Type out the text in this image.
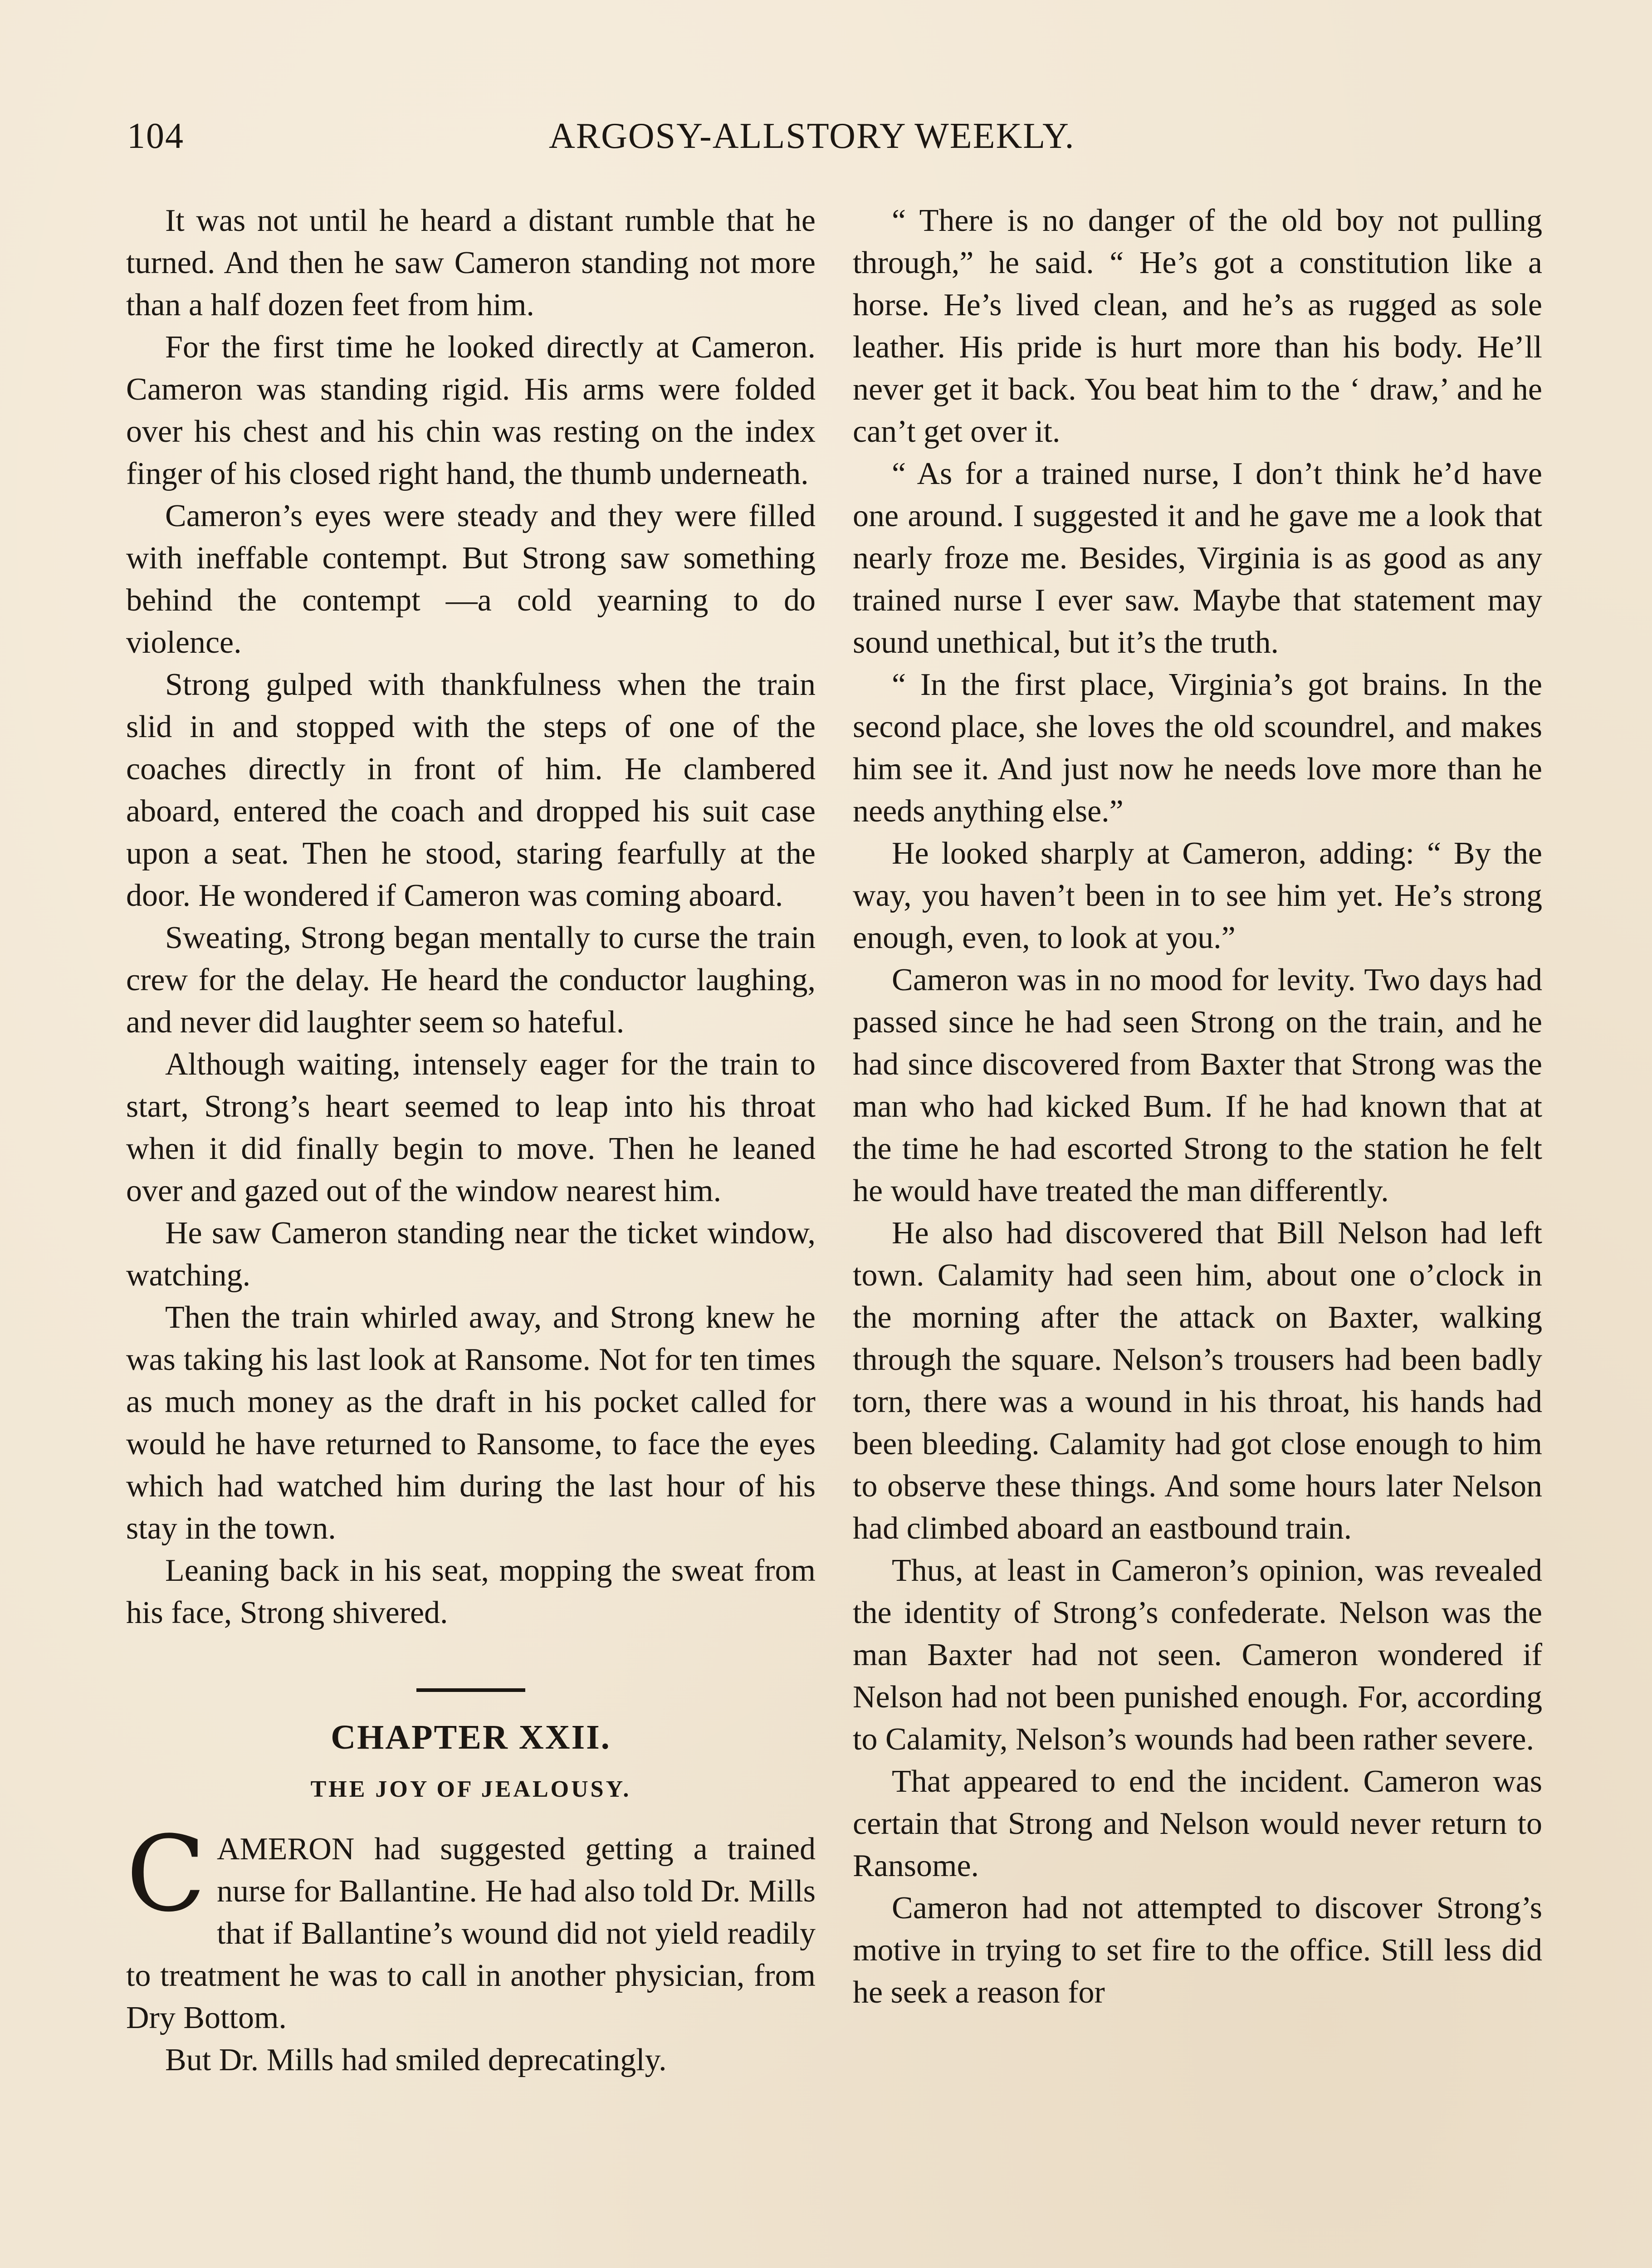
104	ARGOSY-ALLSTORY WEEKLY.

It was not until he heard a distant rumble that he turned. And then he saw Cameron standing not more than a half dozen feet from him.

For the first time he looked directly at Cameron. Cameron was standing rigid. His arms were folded over his chest and his chin was resting on the index finger of his closed right hand, the thumb underneath.

Cameron’s eyes were steady and they were filled with ineffable contempt. But Strong saw something behind the contempt —a cold yearning to do violence.

Strong gulped with thankfulness when the train slid in and stopped with the steps of one of the coaches directly in front of him. He clambered aboard, entered the coach and dropped his suit case upon a seat. Then he stood, staring fearfully at the door. He wondered if Cameron was coming aboard.

Sweating, Strong began mentally to curse the train crew for the delay. He heard the conductor laughing, and never did laughter seem so hateful.

Although waiting, intensely eager for the train to start, Strong’s heart seemed to leap into his throat when it did finally begin to move. Then he leaned over and gazed out of the window nearest him.

He saw Cameron standing near the ticket window, watching.

Then the train whirled away, and Strong knew he was taking his last look at Ransome. Not for ten times as much money as the draft in his pocket called for would he have returned to Ransome, to face the eyes which had watched him during the last hour of his stay in the town.

Leaning back in his seat, mopping the sweat from his face, Strong shivered.

CHAPTER XXII.
THE JOY OF JEALOUSY.

CAMERON had suggested getting a trained nurse for Ballantine. He had also told Dr. Mills that if Ballantine’s wound did not yield readily to treatment he was to call in another physician, from Dry Bottom.

But Dr. Mills had smiled deprecatingly.

“ There is no danger of the old boy not pulling through,” he said. “ He’s got a constitution like a horse. He’s lived clean, and he’s as rugged as sole leather. His pride is hurt more than his body. He’ll never get it back. You beat him to the ‘ draw,’ and he can’t get over it.

“ As for a trained nurse, I don’t think he’d have one around. I suggested it and he gave me a look that nearly froze me. Besides, Virginia is as good as any trained nurse I ever saw. Maybe that statement may sound unethical, but it’s the truth.

“ In the first place, Virginia’s got brains. In the second place, she loves the old scoundrel, and makes him see it. And just now he needs love more than he needs anything else.”

He looked sharply at Cameron, adding: “ By the way, you haven’t been in to see him yet. He’s strong enough, even, to look at you.”

Cameron was in no mood for levity. Two days had passed since he had seen Strong on the train, and he had since discovered from Baxter that Strong was the man who had kicked Bum. If he had known that at the time he had escorted Strong to the station he felt he would have treated the man differently.

He also had discovered that Bill Nelson had left town. Calamity had seen him, about one o’clock in the morning after the attack on Baxter, walking through the square. Nelson’s trousers had been badly torn, there was a wound in his throat, his hands had been bleeding. Calamity had got close enough to him to observe these things. And some hours later Nelson had climbed aboard an eastbound train.

Thus, at least in Cameron’s opinion, was revealed the identity of Strong’s confederate. Nelson was the man Baxter had not seen. Cameron wondered if Nelson had not been punished enough. For, according to Calamity, Nelson’s wounds had been rather severe.

That appeared to end the incident. Cameron was certain that Strong and Nelson would never return to Ransome.

Cameron had not attempted to discover Strong’s motive in trying to set fire to the office. Still less did he seek a reason for
